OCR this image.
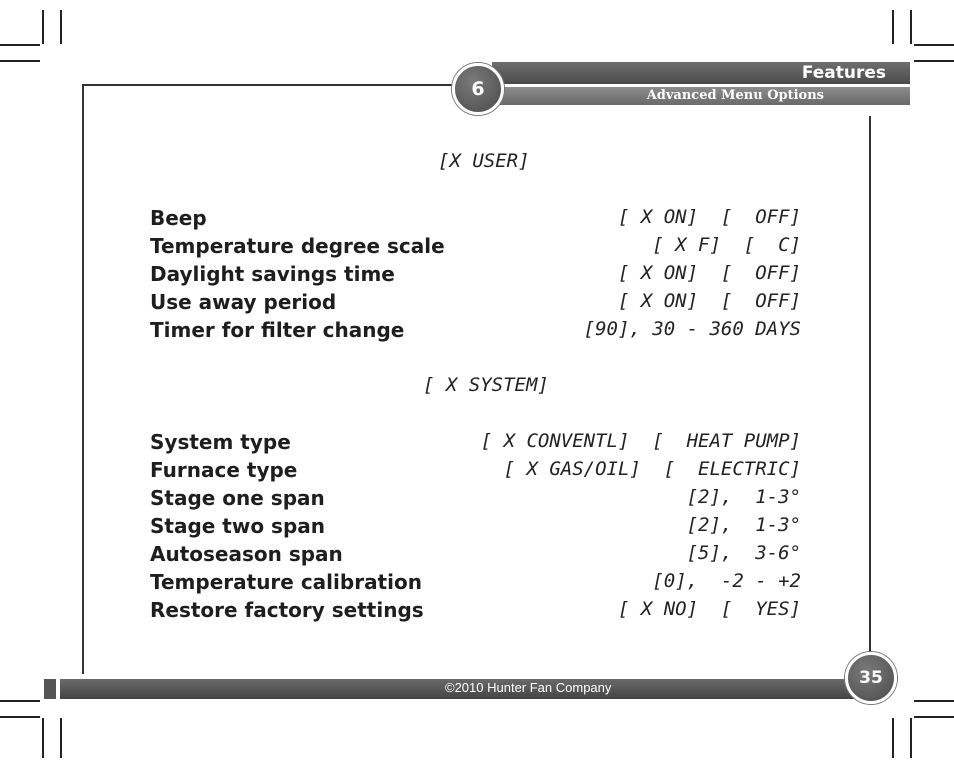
Features
Advanced Menu Options
6
[X USER]
Beep	[ X ON]  [  OFF]
Temperature degree scale	[ X F]  [  C]
Daylight savings time	[ X ON]  [  OFF]
Use away period	[ X ON]  [  OFF]
Timer for filter change	[90], 30 - 360 DAYS
[ X SYSTEM]
System type	[ X CONVENTL]  [  HEAT PUMP]
Furnace type	[ X GAS/OIL]  [  ELECTRIC]
Stage one span	[2],  1-3°
Stage two span	[2],  1-3°
Autoseason span	[5],  3-6°
Temperature calibration	[0],  -2 - +2
Restore factory settings	[ X NO]  [  YES]
©2010 Hunter Fan Company	35
